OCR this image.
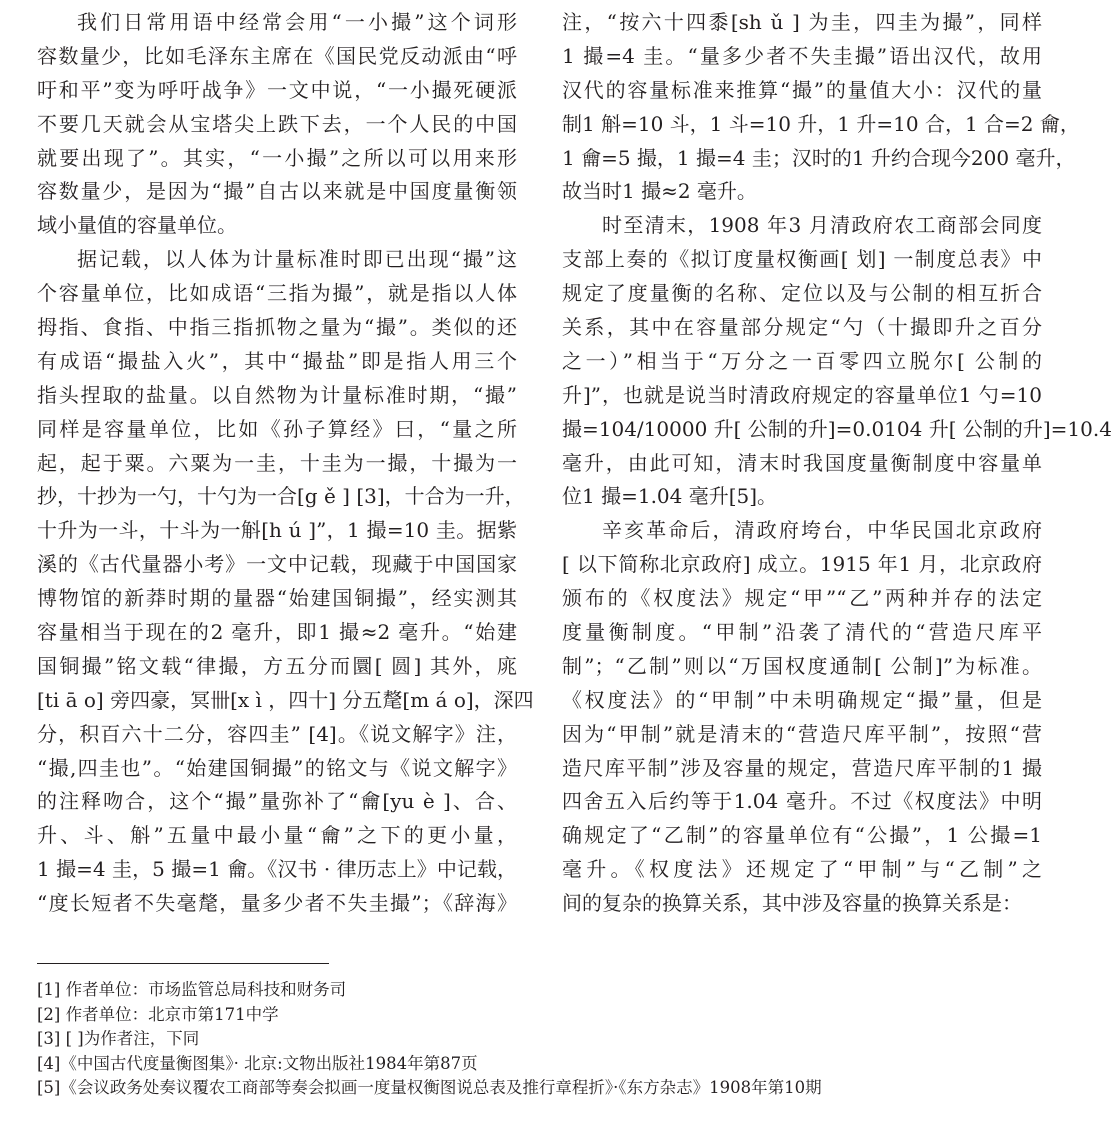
我们日常用语中经常会用“一小撮”这个词形
容数量少，比如毛泽东主席在《国民党反动派由“呼
吁和平”变为呼吁战争》一文中说，“一小撮死硬派
不要几天就会从宝塔尖上跌下去，一个人民的中国
就要出现了”。其实，“一小撮”之所以可以用来形
容数量少，是因为“撮”自古以来就是中国度量衡领
域小量值的容量单位。
据记载，以人体为计量标准时即已出现“撮”这
个容量单位，比如成语“三指为撮”，就是指以人体
拇指、食指、中指三指抓物之量为“撮”。类似的还
有成语“撮盐入火”，其中“撮盐”即是指人用三个
指头捏取的盐量。以自然物为计量标准时期，“撮”
同样是容量单位，比如《孙子算经》曰，“量之所
起，起于粟。六粟为一圭，十圭为一撮，十撮为一
抄，十抄为一勺，十勺为一合[g ě ] [3]，十合为一升，
十升为一斗，十斗为一斛[h ú ]”，1 撮=10 圭。据紫
溪的《古代量器小考》一文中记载，现藏于中国国家
博物馆的新莽时期的量器“始建国铜撮”，经实测其
容量相当于现在的2 毫升，即1 撮≈2 毫升。“始建
国铜撮”铭文载“律撮，方五分而圜[ 圆] 其外，庣
[ti ā o] 旁四豪，冥卌[x ì ，四十] 分五氂[m á o]，深四
分，积百六十二分，容四圭” [4]。《说文解字》注，
“撮,四圭也”。“始建国铜撮”的铭文与《说文解字》
的注释吻合，这个“撮”量弥补了“龠[yu è ]、合、
升、斗、斛”五量中最小量“龠”之下的更小量，
1 撮=4 圭，5 撮=1 龠。《汉书 · 律历志上》中记载，
“度长短者不失毫氂，量多少者不失圭撮”；《辞海》
注，“按六十四黍[sh ǔ ] 为圭，四圭为撮”，同样
1 撮=4 圭。“量多少者不失圭撮”语出汉代，故用
汉代的容量标准来推算“撮”的量值大小：汉代的量
制1 斛=10 斗，1 斗=10 升，1 升=10 合，1 合=2 龠，
1 龠=5 撮，1 撮=4 圭；汉时的1 升约合现今200 毫升，
故当时1 撮≈2 毫升。
时至清末，1908 年3 月清政府农工商部会同度
支部上奏的《拟订度量权衡画[ 划] 一制度总表》中
规定了度量衡的名称、定位以及与公制的相互折合
关系，其中在容量部分规定“勺（十撮即升之百分
之一）”相当于“万分之一百零四立脱尔[ 公制的
升]”，也就是说当时清政府规定的容量单位1 勺=10
撮=104/10000 升[ 公制的升]=0.0104 升[ 公制的升]=10.4
毫升，由此可知，清末时我国度量衡制度中容量单
位1 撮=1.04 毫升[5]。
辛亥革命后，清政府垮台，中华民国北京政府
[ 以下简称北京政府] 成立。1915 年1 月，北京政府
颁布的《权度法》规定“甲”“乙”两种并存的法定
度量衡制度。“甲制”沿袭了清代的“营造尺库平
制”；“乙制”则以“万国权度通制[ 公制]”为标准。
《权度法》的“甲制”中未明确规定“撮”量，但是
因为“甲制”就是清末的“营造尺库平制”，按照“营
造尺库平制”涉及容量的规定，营造尺库平制的1 撮
四舍五入后约等于1.04 毫升。不过《权度法》中明
确规定了“乙制”的容量单位有“公撮”，1 公撮=1
毫升。《权度法》还规定了“甲制”与“乙制”之
间的复杂的换算关系，其中涉及容量的换算关系是：
[1] 作者单位：市场监管总局科技和财务司
[2] 作者单位：北京市第171中学
[3] [ ]为作者注，下同
[4]《中国古代度量衡图集》· 北京:文物出版社1984年第87页
[5]《会议政务处奏议覆农工商部等奏会拟画一度量权衡图说总表及推行章程折》·《东方杂志》1908年第10期
